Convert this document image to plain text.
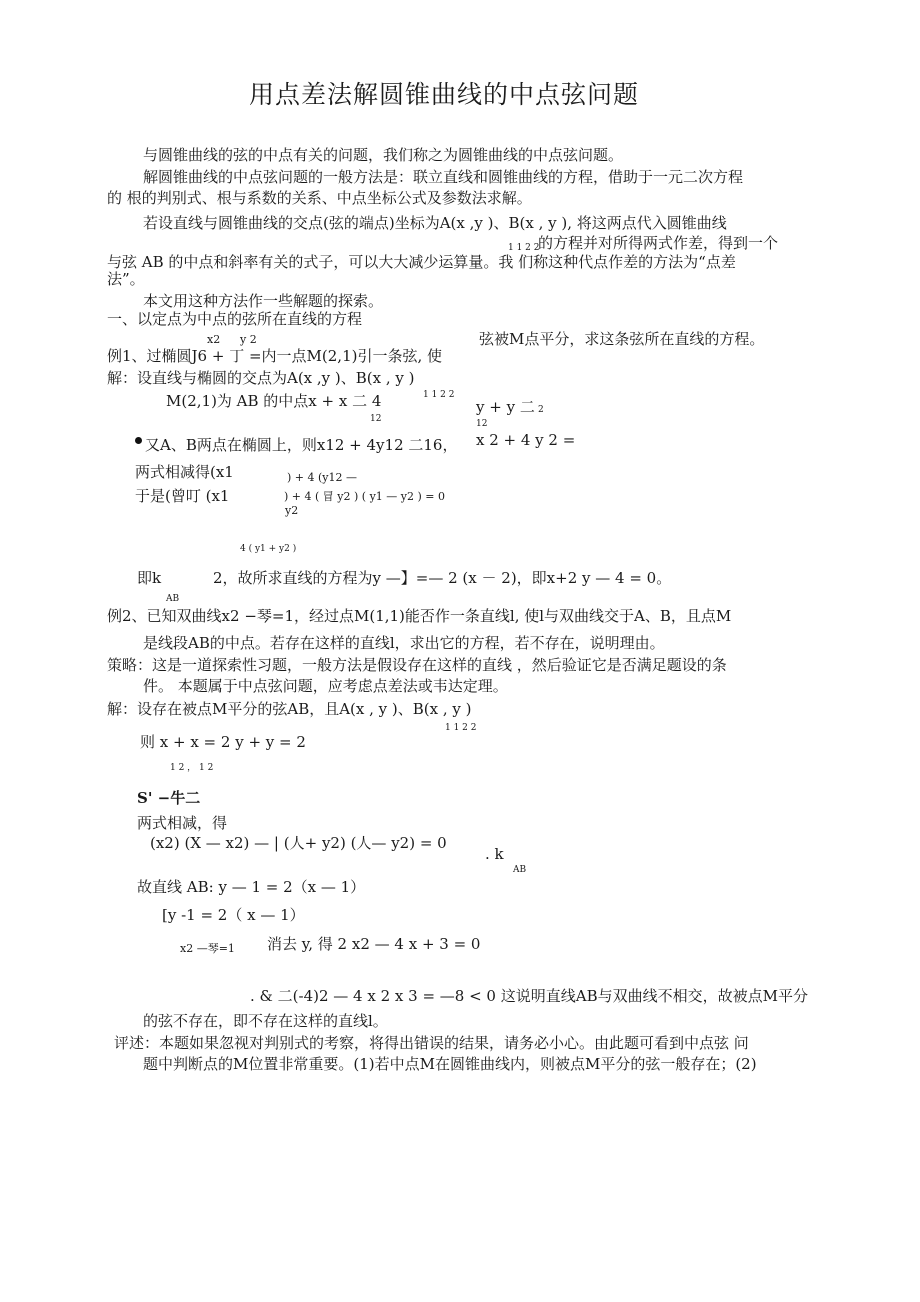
用点差法解圆锥曲线的中点弦问题
与圆锥曲线的弦的中点有关的问题，我们称之为圆锥曲线的中点弦问题。
解圆锥曲线的中点弦问题的一般方法是：联立直线和圆锥曲线的方程，借助于一元二次方程
的 根的判别式、根与系数的关系、中点坐标公式及参数法求解。
若设直线与圆锥曲线的交点(弦的端点)坐标为A(x ,y )、B(x , y ), 将这两点代入圆锥曲线
1 1 2 2
的方程并对所得两式作差，得到一个
与弦 AB 的中点和斜率有关的式子，可以大大减少运算量。我 们称这种代点作差的方法为“点差
法”。
本文用这种方法作一些解题的探索。
一、以定点为中点的弦所在直线的方程
x2 y 2
例1、过椭圆J6 + 丁 =内一点M(2,1)引一条弦, 使
弦被M点平分，求这条弦所在直线的方程。
解：设直线与椭圆的交点为A(x ,y )、B(x , y )
1 1 2 2
M(2,1)为 AB 的中点x + x 二 4
12
y + y 二 2
12
又A、B两点在椭圆上，则x12 + 4y12 二16， x 2 + 4 y 2 =
两式相减得(x1	) + 4 (y12 —
于是(曾叮 (x1	) + 4 ( 冒 y2 ) ( y1 — y2 ) = 0
y2
4 ( y1 + y2 )
即k
AB
2，故所求直线的方程为y —】=— 2 (x － 2)，即x+2 y — 4 = 0。
例2、已知双曲线x2 −琴=1，经过点M(1,1)能否作一条直线l, 使l与双曲线交于A、B，且点M
是线段AB的中点。若存在这样的直线l，求出它的方程，若不存在，说明理由。
策略：这是一道探索性习题，一般方法是假设存在这样的直线 ，然后验证它是否满足题设的条
件。 本题属于中点弦问题，应考虑点差法或韦达定理。
解：设存在被点M平分的弦AB，且A(x , y )、B(x , y )
1 1 2 2
则 x + x = 2 y + y = 2
1 2 ， 1 2
S' −牛二
两式相减，得
(x2) (X — x2) — | (人+ y2) (人— y2) = 0
. k
AB
故直线 AB: y — 1 = 2（x — 1）
[y -1 = 2（ x — 1）
x2 —琴=1 消去 y, 得 2 x2 — 4 x + 3 = 0
. & 二(-4)2 — 4 x 2 x 3 = —8 < 0 这说明直线AB与双曲线不相交，故被点M平分
的弦不存在，即不存在这样的直线l。
评述：本题如果忽视对判别式的考察，将得出错误的结果，请务必小心。由此题可看到中点弦 问
题中判断点的M位置非常重要。(1)若中点M在圆锥曲线内，则被点M平分的弦一般存在；(2)
